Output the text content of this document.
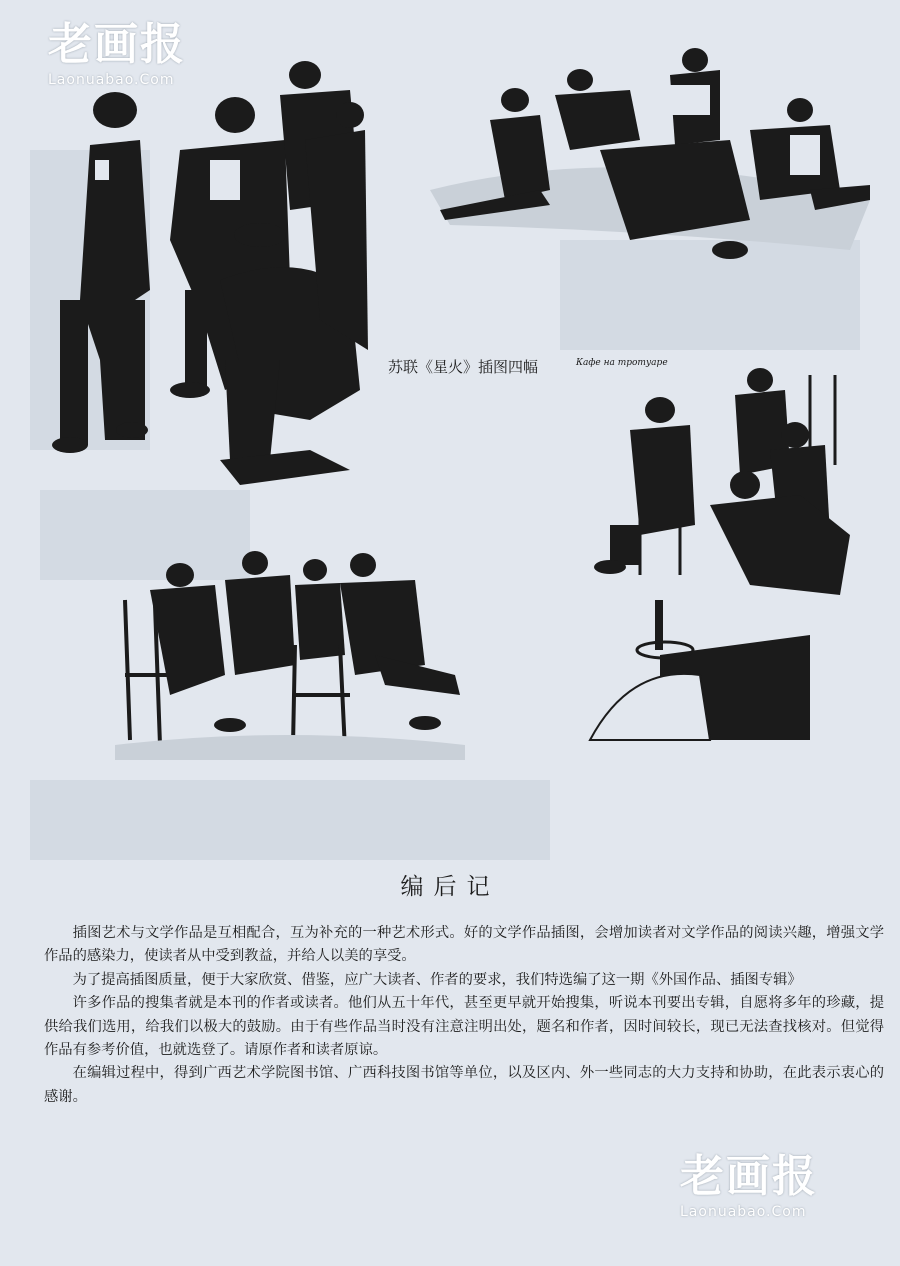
老画报
Laonuabao.Com
老画报
Laonuabao.Com
苏联《星火》插图四幅	Кафе на тротуаре
编后记

插图艺术与文学作品是互相配合，互为补充的一种艺术形式。好的文学作品插图，会增加读者对文学作品的阅读兴趣，增强文学作品的感染力，使读者从中受到教益，并给人以美的享受。

为了提高插图质量，便于大家欣赏、借鉴，应广大读者、作者的要求，我们特选编了这一期《外国作品、插图专辑》

许多作品的搜集者就是本刊的作者或读者。他们从五十年代，甚至更早就开始搜集，听说本刊要出专辑，自愿将多年的珍藏，提供给我们选用，给我们以极大的鼓励。由于有些作品当时没有注意注明出处，题名和作者，因时间较长，现已无法查找核对。但觉得作品有参考价值，也就选登了。请原作者和读者原谅。

在编辑过程中，得到广西艺术学院图书馆、广西科技图书馆等单位，以及区内、外一些同志的大力支持和协助，在此表示衷心的感谢。
